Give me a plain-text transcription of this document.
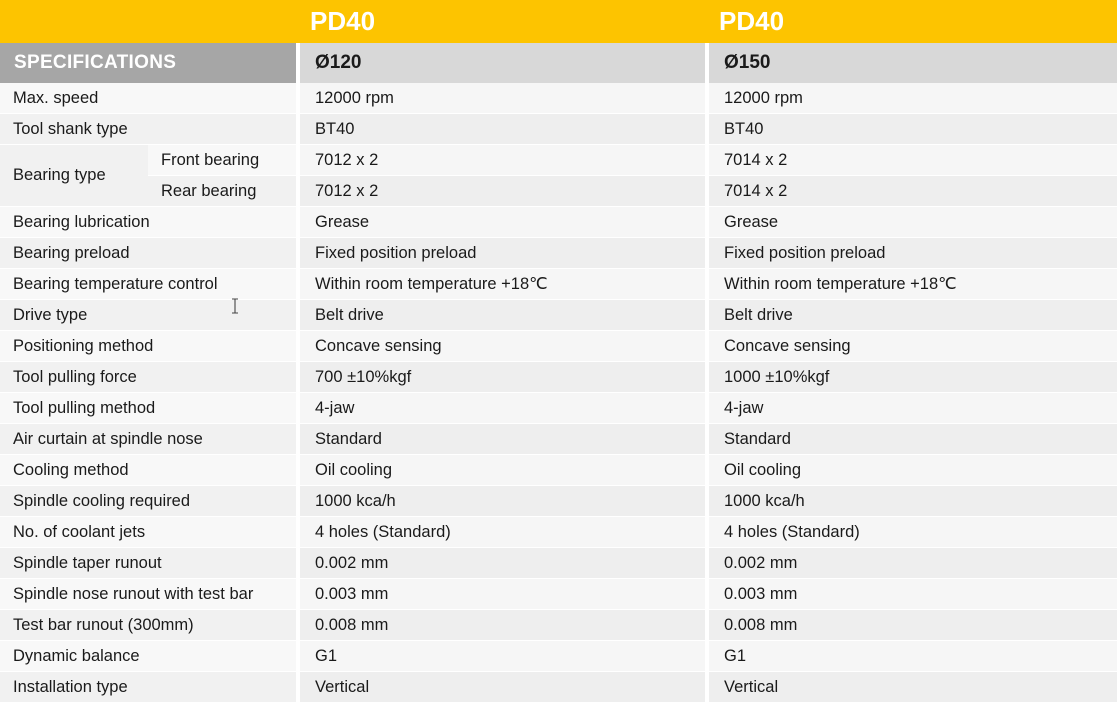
		PD40	PD40
SPECIFICATIONS		Ø120	Ø150
Max. speed		12000 rpm	12000 rpm
Tool shank type		BT40	BT40
Bearing type	Front bearing	7012 x 2	7014 x 2
	Rear bearing	7012 x 2	7014 x 2
Bearing lubrication		Grease	Grease
Bearing preload		Fixed position preload	Fixed position preload
Bearing temperature control		Within room temperature +18℃	Within room temperature +18℃
Drive type		Belt drive	Belt drive
Positioning method		Concave sensing	Concave sensing
Tool pulling force		700 ±10%kgf	1000 ±10%kgf
Tool pulling method		4-jaw	4-jaw
Air curtain at spindle nose		Standard	Standard
Cooling method		Oil cooling	Oil cooling
Spindle cooling required		1000 kca/h	1000 kca/h
No. of coolant jets		4 holes (Standard)	4 holes (Standard)
Spindle taper runout		0.002 mm	0.002 mm
Spindle nose runout with test bar		0.003 mm	0.003 mm
Test bar runout (300mm)		0.008 mm	0.008 mm
Dynamic balance		G1	G1
Installation type		Vertical	Vertical
